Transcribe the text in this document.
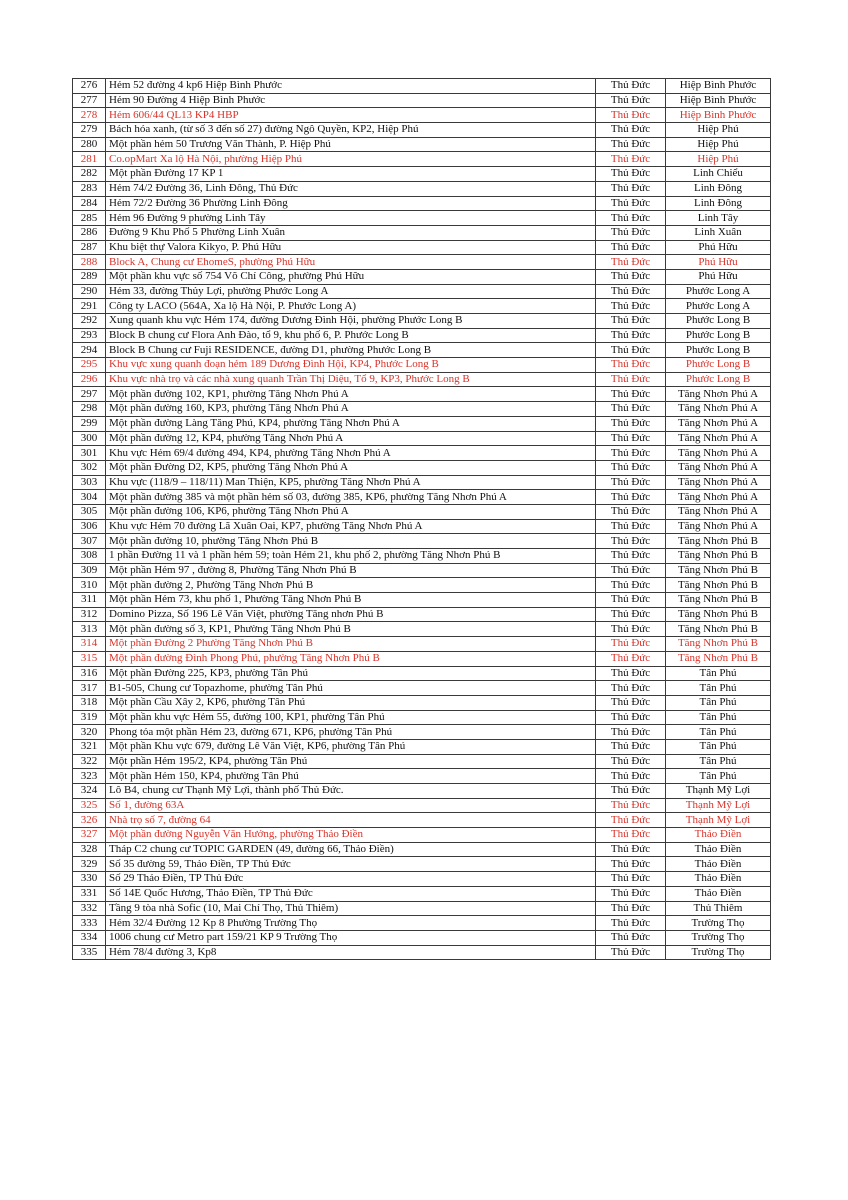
276	Hẻm 52 đường 4 kp6 Hiệp Bình Phước	Thủ Đức	Hiệp Bình Phước
277	Hẻm 90 Đường 4 Hiệp Bình Phước	Thủ Đức	Hiệp Bình Phước
278	Hẻm 606/44 QL13 KP4 HBP	Thủ Đức	Hiệp Bình Phước
279	Bách hóa xanh, (từ số 3 đến số 27) đường Ngô Quyền, KP2, Hiệp Phú	Thủ Đức	Hiệp Phú
280	Một phần hẻm 50 Trương Văn Thành, P. Hiệp Phú	Thủ Đức	Hiệp Phú
281	Co.opMart Xa lộ Hà Nội, phường Hiệp Phú	Thủ Đức	Hiệp Phú
282	Một phần Đường 17 KP 1	Thủ Đức	Linh Chiểu
283	Hẻm 74/2 Đường 36, Linh Đông, Thủ Đức	Thủ Đức	Linh Đông
284	Hẻm 72/2 Đường 36 Phường Linh Đông	Thủ Đức	Linh Đông
285	Hẻm 96 Đường 9 phường Linh Tây	Thủ Đức	Linh Tây
286	Đường 9 Khu Phố 5 Phường Linh Xuân	Thủ Đức	Linh Xuân
287	Khu biệt thự Valora Kikyo, P. Phú Hữu	Thủ Đức	Phú Hữu
288	Block A, Chung cư EhomeS, phường Phú Hữu	Thủ Đức	Phú Hữu
289	Một phần khu vực số 754 Võ Chí Công, phường Phú Hữu	Thủ Đức	Phú Hữu
290	Hẻm 33, đường Thủy Lợi, phường Phước Long A	Thủ Đức	Phước Long A
291	Công ty LACO (564A, Xa lộ Hà Nội, P. Phước Long A)	Thủ Đức	Phước Long A
292	Xung quanh khu vực Hẻm 174, đường Dương Đình Hội, phường Phước Long B	Thủ Đức	Phước Long B
293	Block B chung cư Flora Anh Đào, tổ 9, khu phố 6, P. Phước Long B	Thủ Đức	Phước Long B
294	Block B Chung cư Fuji RESIDENCE, đường D1, phường Phước Long B	Thủ Đức	Phước Long B
295	Khu vực xung quanh đoạn hẻm 189 Dương Đình Hội, KP4, Phước Long B	Thủ Đức	Phước Long B
296	Khu vực nhà trọ và các nhà xung quanh Trần Thị Diệu, Tổ 9, KP3, Phước Long B	Thủ Đức	Phước Long B
297	Một phần đường 102, KP1, phường Tăng Nhơn Phú A	Thủ Đức	Tăng Nhơn Phú A
298	Một phần đường 160, KP3, phường Tăng Nhơn Phú A	Thủ Đức	Tăng Nhơn Phú A
299	Một phần đường Làng Tăng Phú, KP4, phường Tăng Nhơn Phú A	Thủ Đức	Tăng Nhơn Phú A
300	Một phần đường 12, KP4, phường Tăng Nhơn Phú A	Thủ Đức	Tăng Nhơn Phú A
301	Khu vực Hẻm 69/4 đường 494, KP4, phường Tăng Nhơn Phú A	Thủ Đức	Tăng Nhơn Phú A
302	Một phần Đường D2, KP5, phường Tăng Nhơn Phú A	Thủ Đức	Tăng Nhơn Phú A
303	Khu vực (118/9 – 118/11) Man Thiện, KP5, phường Tăng Nhơn Phú A	Thủ Đức	Tăng Nhơn Phú A
304	Một phần đường 385 và một phần hẻm số 03, đường 385, KP6, phường Tăng Nhơn Phú A	Thủ Đức	Tăng Nhơn Phú A
305	Một phần đường 106, KP6, phường Tăng Nhơn Phú A	Thủ Đức	Tăng Nhơn Phú A
306	Khu vực Hẻm 70 đường Lã Xuân Oai, KP7, phường Tăng Nhơn Phú A	Thủ Đức	Tăng Nhơn Phú A
307	Một phần đường 10, phường Tăng Nhơn Phú B	Thủ Đức	Tăng Nhơn Phú B
308	1 phần Đường 11 và 1 phần hẻm 59; toàn Hẻm 21, khu phố 2, phường Tăng Nhơn Phú B	Thủ Đức	Tăng Nhơn Phú B
309	Một phần Hẻm 97 , đường 8, Phường Tăng Nhơn Phú B	Thủ Đức	Tăng Nhơn Phú B
310	Một phần đường 2, Phường Tăng Nhơn Phú B	Thủ Đức	Tăng Nhơn Phú B
311	Một phần Hẻm 73, khu phố 1, Phường Tăng Nhơn Phú B	Thủ Đức	Tăng Nhơn Phú B
312	Domino Pizza, Số 196 Lê Văn Việt, phường Tăng nhơn Phú B	Thủ Đức	Tăng Nhơn Phú B
313	Một phần đường số 3, KP1, Phường Tăng Nhơn Phú B	Thủ Đức	Tăng Nhơn Phú B
314	Một phần Đường 2 Phường Tăng Nhơn Phú B	Thủ Đức	Tăng Nhơn Phú B
315	Một phần đường Đình Phong Phú, phường Tăng Nhơn Phú B	Thủ Đức	Tăng Nhơn Phú B
316	Một phần Đường 225, KP3, phường Tân Phú	Thủ Đức	Tân Phú
317	B1-505, Chung cư Topazhome, phường Tân Phú	Thủ Đức	Tân Phú
318	Một phần Cầu Xây 2, KP6, phường Tân Phú	Thủ Đức	Tân Phú
319	Một phần khu vực Hẻm 55, đường 100, KP1, phường Tân Phú	Thủ Đức	Tân Phú
320	Phong tỏa một phần Hẻm 23, đường 671, KP6, phường Tân Phú	Thủ Đức	Tân Phú
321	Một phần Khu vực 679, đường Lê Văn Việt, KP6, phường Tân Phú	Thủ Đức	Tân Phú
322	Một phần Hẻm 195/2, KP4, phường Tân Phú	Thủ Đức	Tân Phú
323	Một phần Hẻm 150, KP4, phường Tân Phú	Thủ Đức	Tân Phú
324	Lô B4, chung cư Thạnh Mỹ Lợi, thành phố Thủ Đức.	Thủ Đức	Thạnh Mỹ Lợi
325	Số 1, đường 63A	Thủ Đức	Thạnh Mỹ Lợi
326	Nhà trọ số 7, đường 64	Thủ Đức	Thạnh Mỹ Lợi
327	Một phần đường Nguyễn Văn Hưởng, phường Thảo Điền	Thủ Đức	Thảo Điền
328	Tháp C2 chung cư TOPIC GARDEN (49, đường 66, Thảo Điền)	Thủ Đức	Thảo Điền
329	Số 35 đường 59, Thảo Điền, TP Thủ Đức	Thủ Đức	Thảo Điền
330	Số 29 Thảo Điền, TP Thủ Đức	Thủ Đức	Thảo Điền
331	Số 14E Quốc Hương, Thảo Điền, TP Thủ Đức	Thủ Đức	Thảo Điền
332	Tầng 9 tòa nhà Sofic (10, Mai Chí Thọ, Thủ Thiêm)	Thủ Đức	Thủ Thiêm
333	Hẻm 32/4 Đường 12 Kp 8 Phường Trường Thọ	Thủ Đức	Trường Thọ
334	1006 chung cư Metro part 159/21 KP 9 Trường Thọ	Thủ Đức	Trường Thọ
335	Hẻm 78/4 đường 3, Kp8	Thủ Đức	Trường Thọ
